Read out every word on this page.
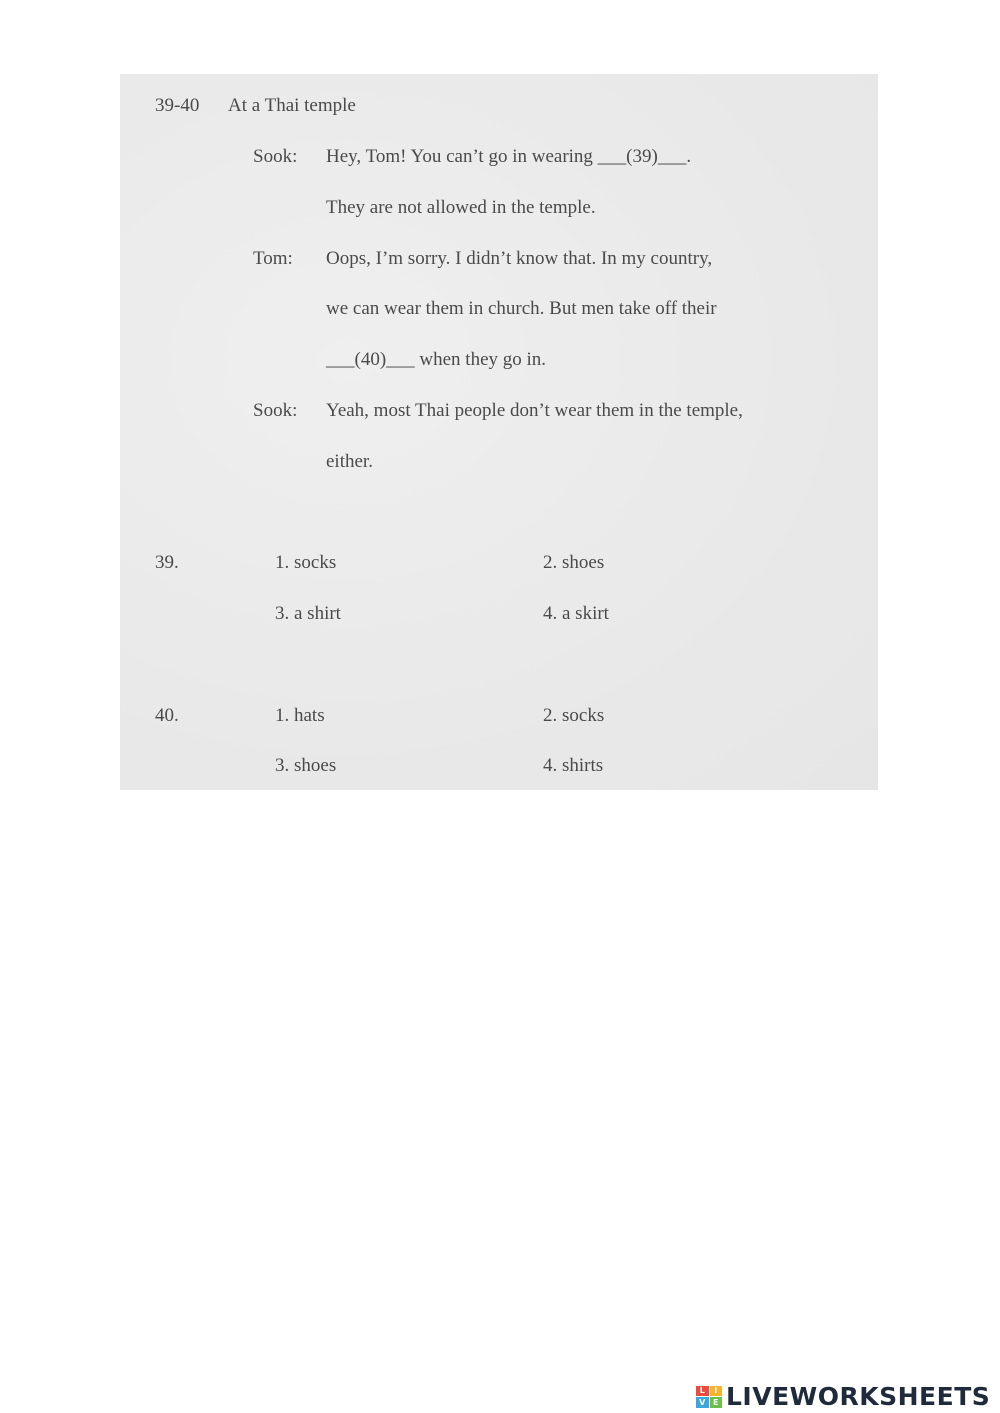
39-40 At a Thai temple
Sook: Hey, Tom! You can’t go in wearing ___(39)___.
They are not allowed in the temple.
Tom: Oops, I’m sorry. I didn’t know that. In my country,
we can wear them in church. But men take off their
___(40)___ when they go in.
Sook: Yeah, most Thai people don’t wear them in the temple,
either.
39.	1. socks	2. shoes
3. a shirt	4. a skirt
40.	1. hats	2. socks
3. shoes	4. shirts
L	I
V E LIVEWORKSHEETS
